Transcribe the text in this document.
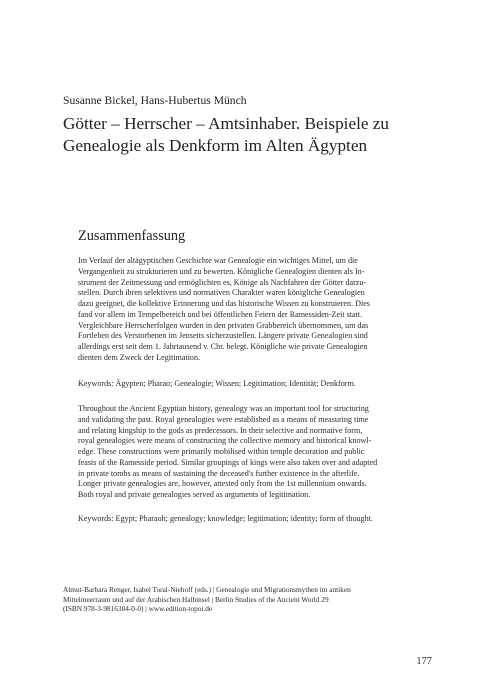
Susanne Bickel, Hans-Hubertus Münch
Götter – Herrscher – Amtsinhaber. Beispiele zu
Genealogie als Denkform im Alten Ägypten
Zusammenfassung
Im Verlauf der altägyptischen Geschichte war Genealogie ein wichtiges Mittel, um die
Vergangenheit zu strukturieren und zu bewerten. Königliche Genealogien dienten als In-
strument der Zeitmessung und ermöglichten es, Könige als Nachfahren der Götter darzu-
stellen. Durch ihren selektiven und normativen Charakter waren königliche Genealogien
dazu geeignet, die kollektive Erinnerung und das historische Wissen zu konstruieren. Dies
fand vor allem im Tempelbereich und bei öffentlichen Feiern der Ramessiden-Zeit statt.
Vergleichbare Herrscherfolgen wurden in den privaten Grabbereich übernommen, um das
Fortleben des Verstorbenen im Jenseits sicherzustellen. Längere private Genealogien sind
allerdings erst seit dem 1. Jahrtausend v. Chr. belegt. Königliche wie private Genealogien
dienten dem Zweck der Legitimation.
Keywords: Ägypten; Pharao; Genealogie; Wissen; Legitimation; Identität; Denkform.
Throughout the Ancient Egyptian history, genealogy was an important tool for structuring
and validating the past. Royal genealogies were established as a means of measuring time
and relating kingship to the gods as predecessors. In their selective and normative form,
royal genealogies were means of constructing the collective memory and historical knowl-
edge. These constructions were primarily mobilised within temple decoration and public
feasts of the Ramesside period. Similar groupings of kings were also taken over and adapted
in private tombs as means of sustaining the deceased's further existence in the afterlife.
Longer private genealogies are, however, attested only from the 1st millennium onwards.
Both royal and private genealogies served as arguments of legitimation.
Keywords: Egypt; Pharaoh; genealogy; knowledge; legitimation; identity; form of thought.
Almut-Barbara Renger, Isabel Toral-Niehoff (eds.) | Genealogie und Migrationsmythen im antiken
Mittelmeerraum und auf der Arabischen Halbinsel | Berlin Studies of the Ancient World 29
(ISBN 978-3-9816384-0-0) | www.edition-topoi.de
177
